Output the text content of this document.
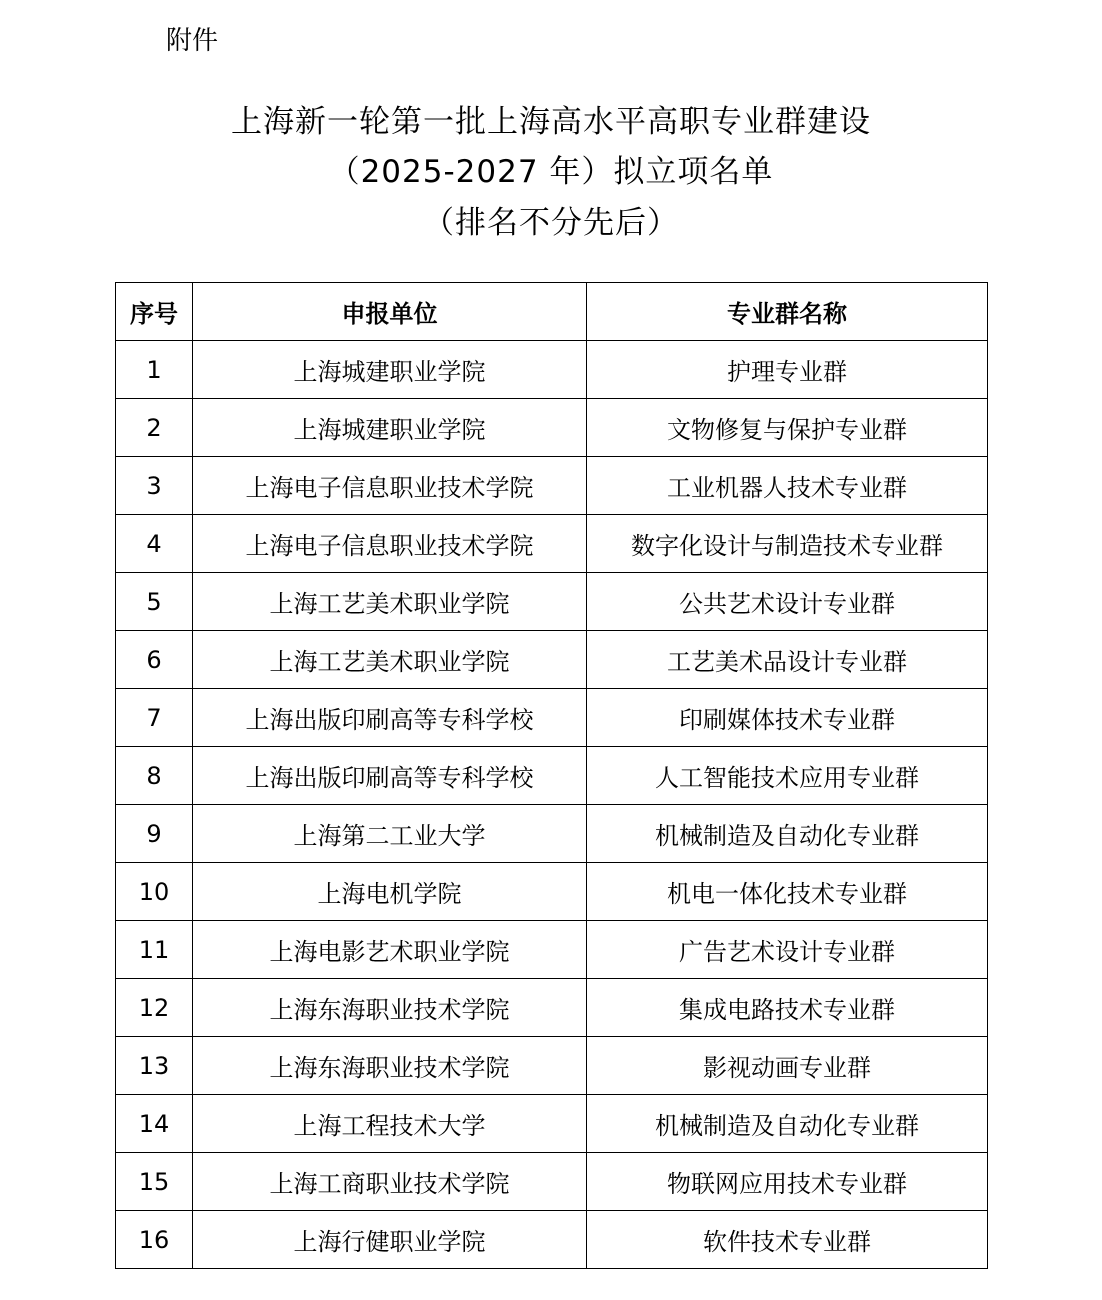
附件
上海新一轮第一批上海高水平高职专业群建设
（2025-2027 年）拟立项名单
（排名不分先后）
序号	申报单位	专业群名称
1	上海城建职业学院	护理专业群
2	上海城建职业学院	文物修复与保护专业群
3	上海电子信息职业技术学院	工业机器人技术专业群
4	上海电子信息职业技术学院	数字化设计与制造技术专业群
5	上海工艺美术职业学院	公共艺术设计专业群
6	上海工艺美术职业学院	工艺美术品设计专业群
7	上海出版印刷高等专科学校	印刷媒体技术专业群
8	上海出版印刷高等专科学校	人工智能技术应用专业群
9	上海第二工业大学	机械制造及自动化专业群
10	上海电机学院	机电一体化技术专业群
11	上海电影艺术职业学院	广告艺术设计专业群
12	上海东海职业技术学院	集成电路技术专业群
13	上海东海职业技术学院	影视动画专业群
14	上海工程技术大学	机械制造及自动化专业群
15	上海工商职业技术学院	物联网应用技术专业群
16	上海行健职业学院	软件技术专业群
